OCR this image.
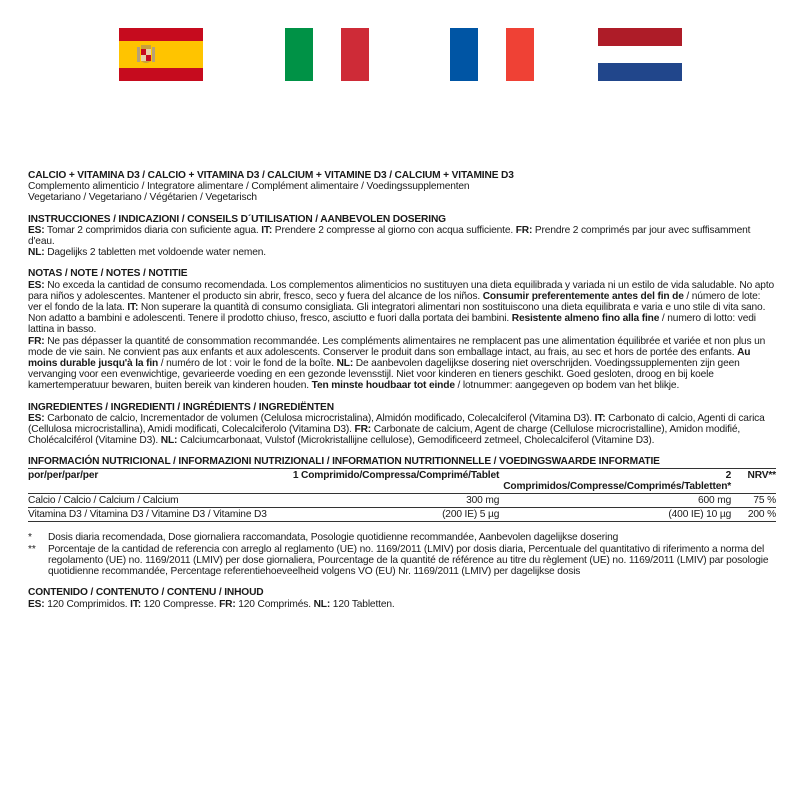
CALCIO + VITAMINA D3 / CALCIO + VITAMINA D3 / CALCIUM + VITAMINE D3 / CALCIUM + VITAMINE D3

Complemento alimenticio / Integratore alimentare / Complément alimentaire / Voedingssupplementen

Vegetariano / Vegetariano / Végétarien / Vegetarisch

INSTRUCCIONES / INDICAZIONI / CONSEILS D´UTILISATION / AANBEVOLEN DOSERING

ES: Tomar 2 comprimidos diaria con suficiente agua. IT: Prendere 2 compresse al giorno con acqua sufficiente. FR: Prendre 2 comprimés par jour avec suffisamment d'eau.
NL: Dagelijks 2 tabletten met voldoende water nemen.

NOTAS / NOTE / NOTES / NOTITIE

ES: No exceda la cantidad de consumo recomendada. Los complementos alimenticios no sustituyen una dieta equilibrada y variada ni un estilo de vida saludable. No apto para niños y adolescentes. Mantener el producto sin abrir, fresco, seco y fuera del alcance de los niños. Consumir preferentemente antes del fin de / número de lote: ver el fondo de la lata. IT: Non superare la quantità di consumo consigliata. Gli integratori alimentari non sostituiscono una dieta equilibrata e varia e uno stile di vita sano. Non adatto a bambini e adolescenti. Tenere il prodotto chiuso, fresco, asciutto e fuori dalla portata dei bambini. Resistente almeno fino alla fine / numero di lotto: vedi lattina in basso.
FR: Ne pas dépasser la quantité de consommation recommandée. Les compléments alimentaires ne remplacent pas une alimentation équilibrée et variée et non plus un mode de vie sain. Ne convient pas aux enfants et aux adolescents. Conserver le produit dans son emballage intact, au frais, au sec et hors de portée des enfants. Au moins durable jusqu'à la fin / numéro de lot : voir le fond de la boîte. NL: De aanbevolen dagelijkse dosering niet overschrijden. Voedingssupplementen zijn geen vervanging voor een evenwichtige, gevarieerde voeding en een gezonde levensstijl. Niet voor kinderen en tieners geschikt. Goed gesloten, droog en bij koele kamertemperatuur bewaren, buiten bereik van kinderen houden. Ten minste houdbaar tot einde / lotnummer: aangegeven op bodem van het blikje.

INGREDIENTES / INGREDIENTI / INGRÉDIENTS / INGREDIËNTEN

ES: Carbonato de calcio, Incrementador de volumen (Celulosa microcristalina), Almidón modificado, Colecalciferol (Vitamina D3). IT: Carbonato di calcio, Agenti di carica (Cellulosa microcristallina), Amidi modificati, Colecalciferolo (Vitamina D3). FR: Carbonate de calcium, Agent de charge (Cellulose microcristalline), Amidon modifié, Cholécalciférol (Vitamine D3). NL: Calciumcarbonaat, Vulstof (Microkristallijne cellulose), Gemodificeerd zetmeel, Cholecalciferol (Vitamine D3).

INFORMACIÓN NUTRICIONAL / INFORMAZIONI NUTRIZIONALI / INFORMATION NUTRITIONNELLE / VOEDINGSWAARDE INFORMATIE

por/per/par/per	1 Comprimido/Compressa/Comprimé/Tablet	2 Comprimidos/Compresse/Comprimés/Tabletten*	NRV**
Calcio / Calcio / Calcium / Calcium	300 mg	600 mg	75 %
Vitamina D3 / Vitamina D3 / Vitamine D3 / Vitamine D3	(200 IE) 5 µg	(400 IE) 10 µg	200 %
*	Dosis diaria recomendada, Dose giornaliera raccomandata, Posologie quotidienne recommandée, Aanbevolen dagelijkse dosering
**	Porcentaje de la cantidad de referencia con arreglo al reglamento (UE) no. 1169/2011 (LMIV) por dosis diaria, Percentuale del quantitativo di riferimento a norma del regolamento (UE) no. 1169/2011 (LMIV) per dose giornaliera, Pourcentage de la quantité de référence au titre du règlement (UE) no. 1169/2011 (LMIV) par posologie quotidienne recommandée, Percentage referentiehoeveelheid volgens VO (EU) Nr. 1169/2011 (LMIV) per dagelijkse dosis

CONTENIDO / CONTENUTO / CONTENU / INHOUD

ES: 120 Comprimidos. IT: 120 Compresse. FR: 120 Comprimés. NL: 120 Tabletten.
